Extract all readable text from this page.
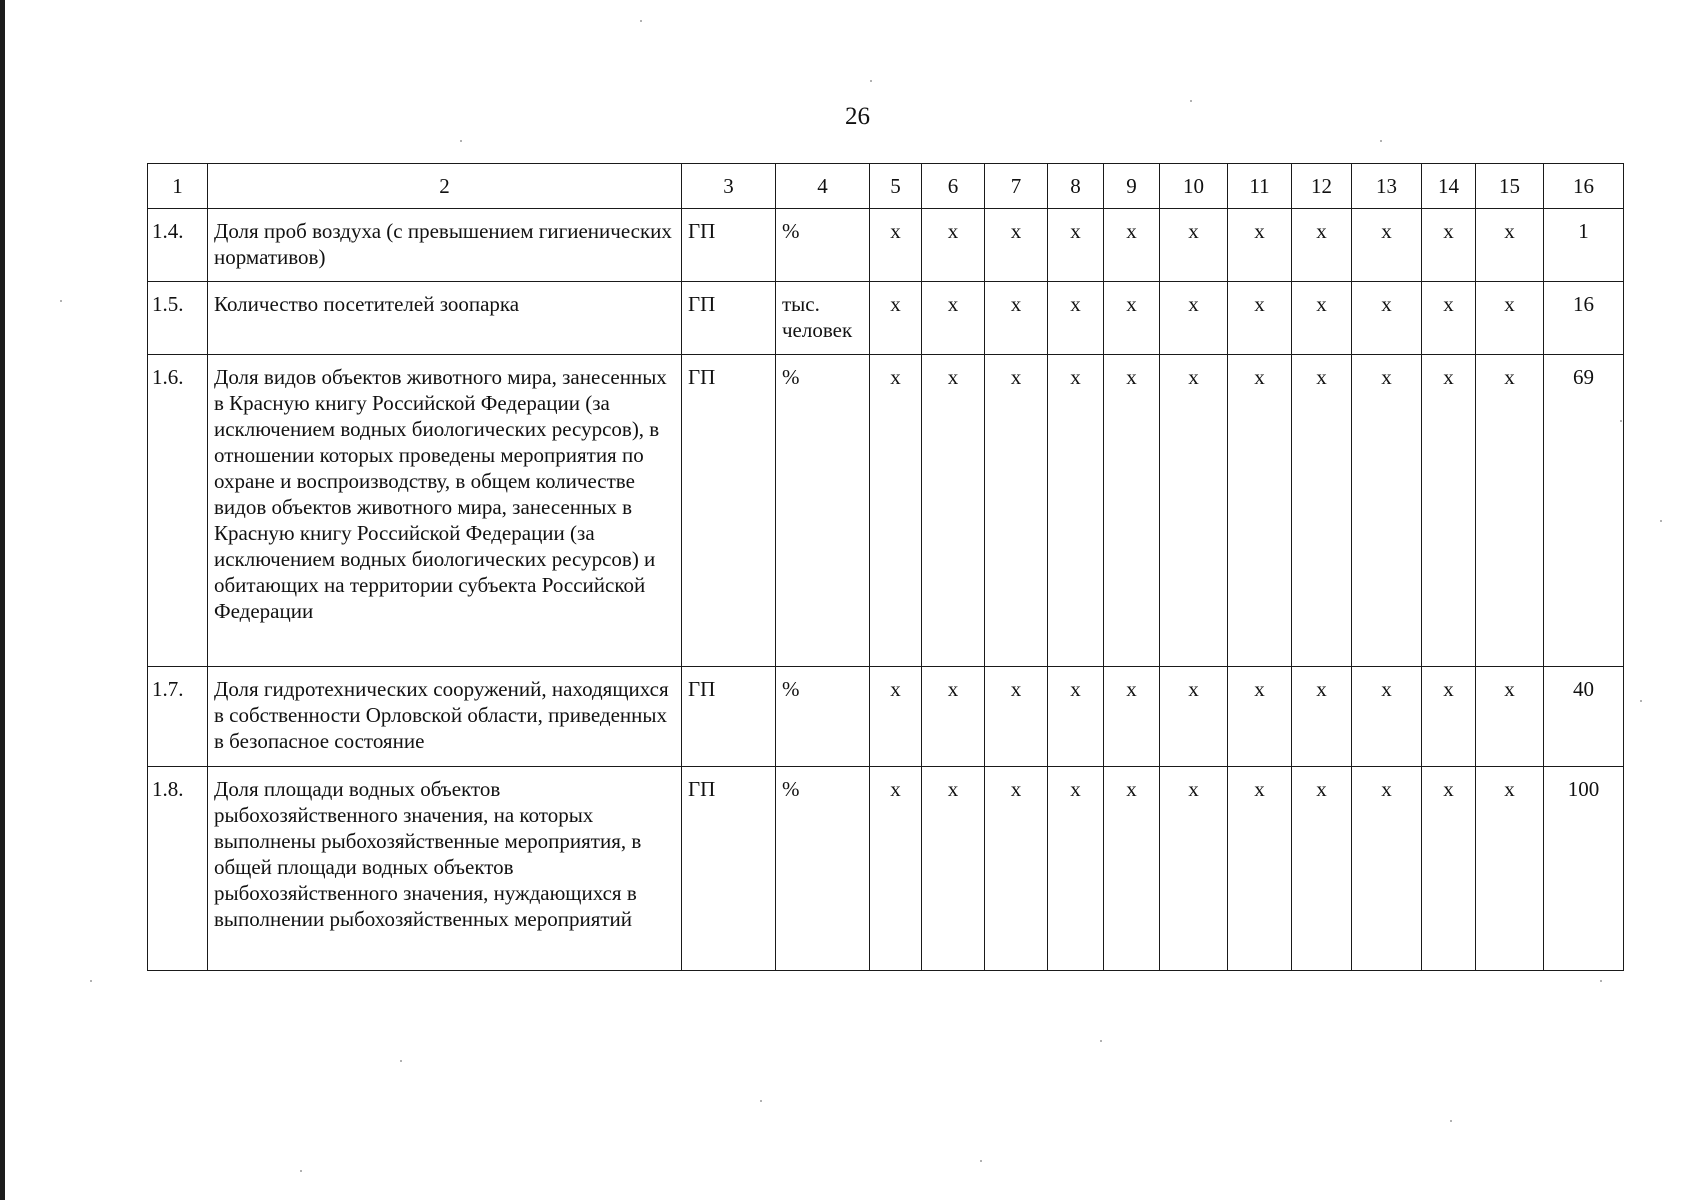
26
1	2	3	4	5	6	7	8	9	10	11	12	13	14	15	16
1.4.	Доля проб воздуха (с превышением гигиенических нормативов)	ГП	%	x	x	x	x	x	x	x	x	x	x	x	1
1.5.	Количество посетителей зоопарка	ГП	тыс. человек	x	x	x	x	x	x	x	x	x	x	x	16
1.6.	Доля видов объектов животного мира, занесенных в Красную книгу Российской Федерации (за исключением водных биологических ресурсов), в отношении которых проведены мероприятия по охране и воспроизводству, в общем количестве видов объектов животного мира, занесенных в Красную книгу Российской Федерации (за исключением водных биологических ресурсов) и обитающих на территории субъекта Российской Федерации	ГП	%	x	x	x	x	x	x	x	x	x	x	x	69
1.7.	Доля гидротехнических сооружений, находящихся в собственности Орловской области, приведенных в безопасное состояние	ГП	%	x	x	x	x	x	x	x	x	x	x	x	40
1.8.	Доля площади водных объектов рыбохозяйственного значения, на которых выполнены рыбохозяйственные мероприятия, в общей площади водных объектов рыбохозяйственного значения, нуждающихся в выполнении рыбохозяйственных мероприятий	ГП	%	x	x	x	x	x	x	x	x	x	x	x	100
